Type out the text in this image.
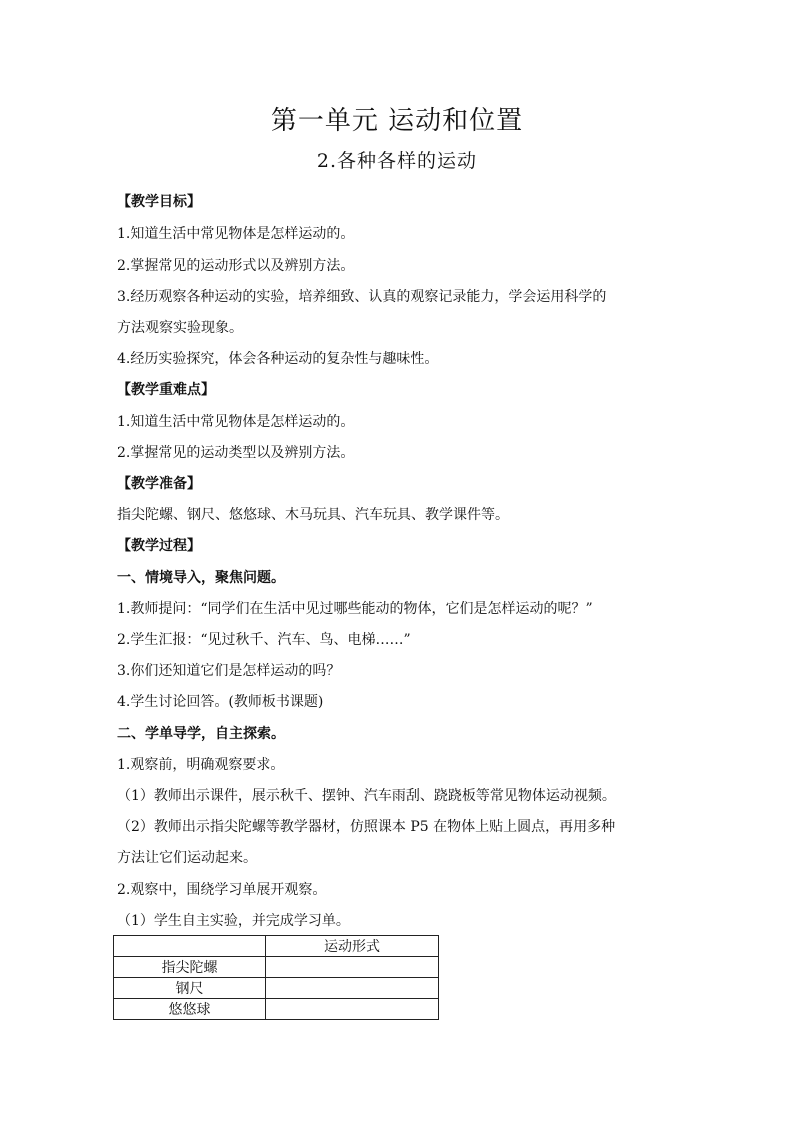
第一单元 运动和位置
2.各种各样的运动
【教学目标】
1.知道生活中常见物体是怎样运动的。
2.掌握常见的运动形式以及辨别方法。
3.经历观察各种运动的实验，培养细致、认真的观察记录能力，学会运用科学的
方法观察实验现象。
4.经历实验探究，体会各种运动的复杂性与趣味性。
【教学重难点】
1.知道生活中常见物体是怎样运动的。
2.掌握常见的运动类型以及辨别方法。
【教学准备】
指尖陀螺、钢尺、悠悠球、木马玩具、汽车玩具、教学课件等。
【教学过程】
一、情境导入，聚焦问题。
1.教师提问：“同学们在生活中见过哪些能动的物体，它们是怎样运动的呢？”
2.学生汇报：“见过秋千、汽车、鸟、电梯……”
3.你们还知道它们是怎样运动的吗？
4.学生讨论回答。(教师板书课题)
二、学单导学，自主探索。
1.观察前，明确观察要求。
（1）教师出示课件，展示秋千、摆钟、汽车雨刮、跷跷板等常见物体运动视频。
（2）教师出示指尖陀螺等教学器材，仿照课本 P5 在物体上贴上圆点，再用多种
方法让它们运动起来。
2.观察中，围绕学习单展开观察。
（1）学生自主实验，并完成学习单。
	运动形式
指尖陀螺	
钢尺	
悠悠球	
